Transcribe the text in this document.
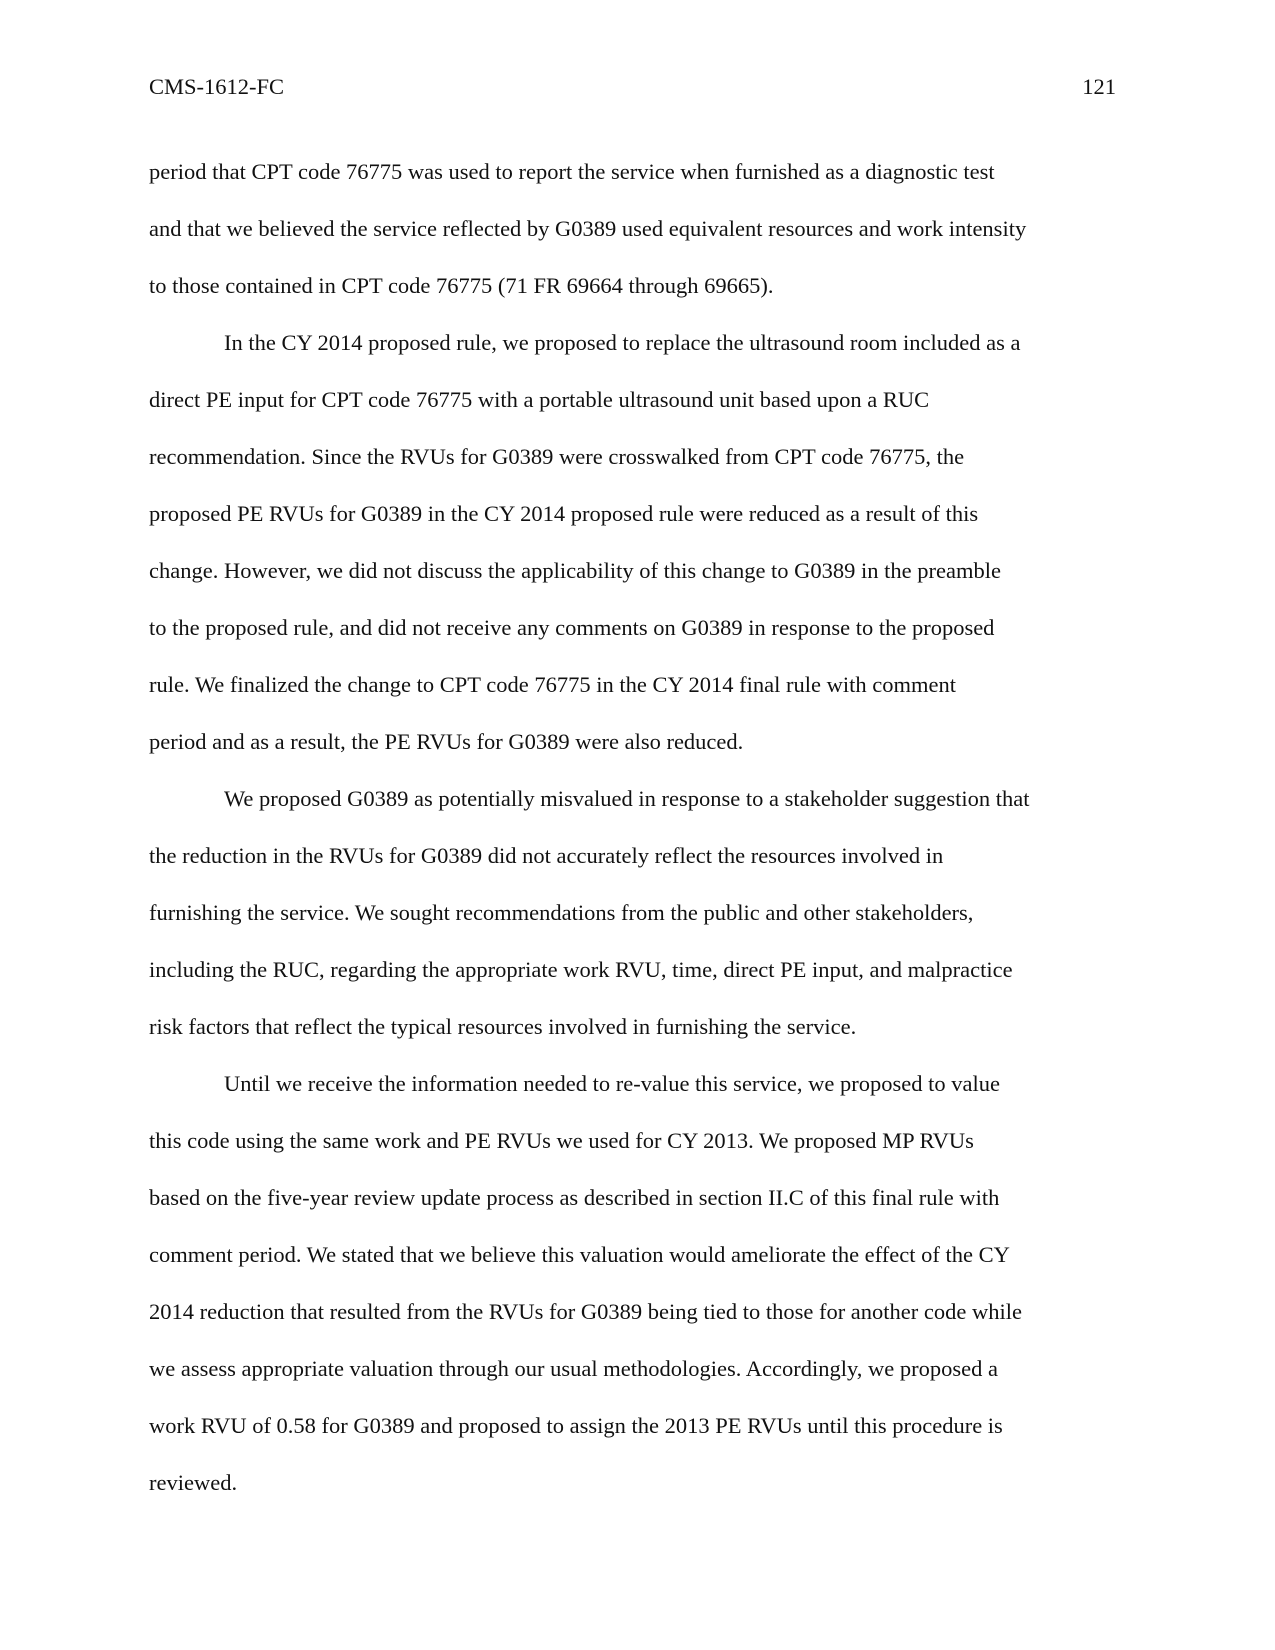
CMS-1612-FC	121
period that CPT code 76775 was used to report the service when furnished as a diagnostic test
and that we believed the service reflected by G0389 used equivalent resources and work intensity
to those contained in CPT code 76775 (71 FR 69664 through 69665).
In the CY 2014 proposed rule, we proposed to replace the ultrasound room included as a
direct PE input for CPT code 76775 with a portable ultrasound unit based upon a RUC
recommendation. Since the RVUs for G0389 were crosswalked from CPT code 76775, the
proposed PE RVUs for G0389 in the CY 2014 proposed rule were reduced as a result of this
change. However, we did not discuss the applicability of this change to G0389 in the preamble
to the proposed rule, and did not receive any comments on G0389 in response to the proposed
rule. We finalized the change to CPT code 76775 in the CY 2014 final rule with comment
period and as a result, the PE RVUs for G0389 were also reduced.
We proposed G0389 as potentially misvalued in response to a stakeholder suggestion that
the reduction in the RVUs for G0389 did not accurately reflect the resources involved in
furnishing the service. We sought recommendations from the public and other stakeholders,
including the RUC, regarding the appropriate work RVU, time, direct PE input, and malpractice
risk factors that reflect the typical resources involved in furnishing the service.
Until we receive the information needed to re-value this service, we proposed to value
this code using the same work and PE RVUs we used for CY 2013. We proposed MP RVUs
based on the five-year review update process as described in section II.C of this final rule with
comment period. We stated that we believe this valuation would ameliorate the effect of the CY
2014 reduction that resulted from the RVUs for G0389 being tied to those for another code while
we assess appropriate valuation through our usual methodologies. Accordingly, we proposed a
work RVU of 0.58 for G0389 and proposed to assign the 2013 PE RVUs until this procedure is
reviewed.
